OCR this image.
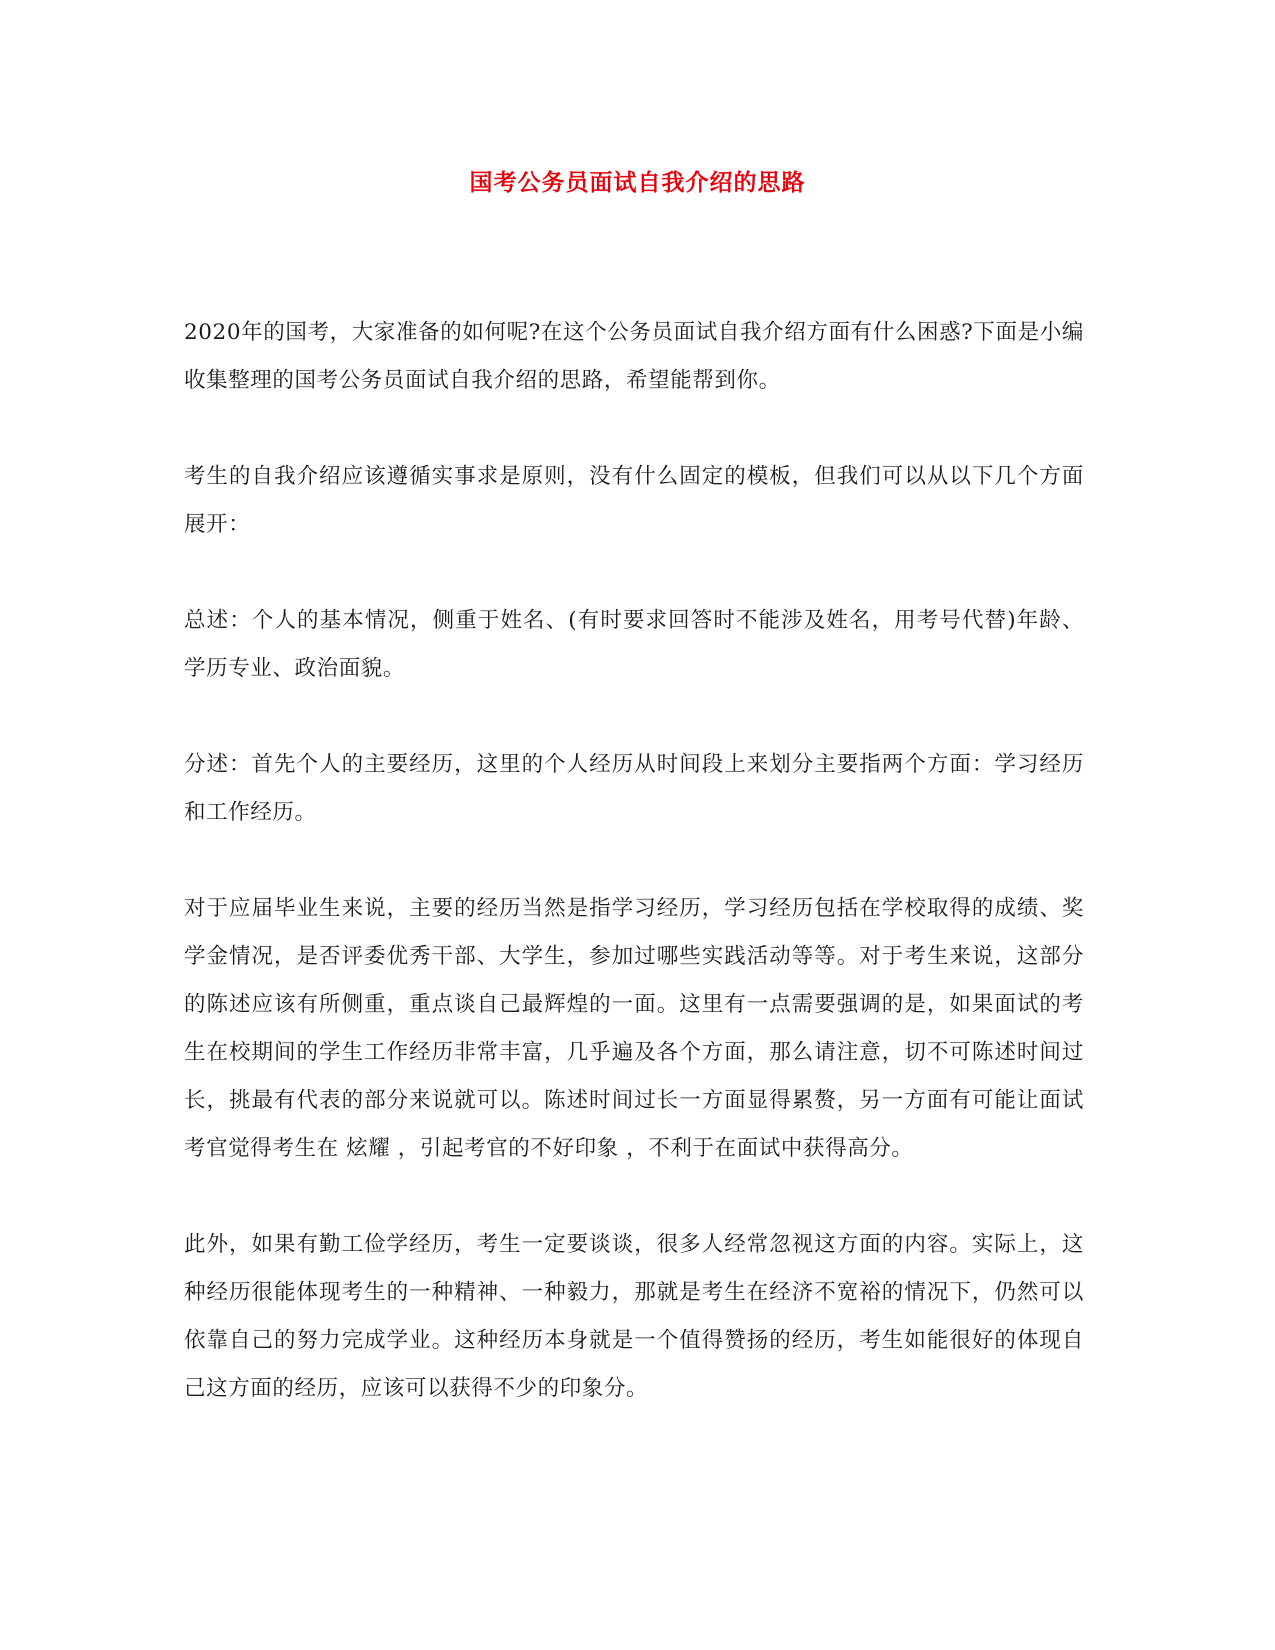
国考公务员面试自我介绍的思路

2020年的国考，大家准备的如何呢?在这个公务员面试自我介绍方面有什么困惑?下面是小编收集整理的国考公务员面试自我介绍的思路，希望能帮到你。

考生的自我介绍应该遵循实事求是原则，没有什么固定的模板，但我们可以从以下几个方面展开：

总述：个人的基本情况，侧重于姓名、(有时要求回答时不能涉及姓名，用考号代替)年龄、学历专业、政治面貌。

分述：首先个人的主要经历，这里的个人经历从时间段上来划分主要指两个方面：学习经历和工作经历。

对于应届毕业生来说，主要的经历当然是指学习经历，学习经历包括在学校取得的成绩、奖学金情况，是否评委优秀干部、大学生，参加过哪些实践活动等等。对于考生来说，这部分的陈述应该有所侧重，重点谈自己最辉煌的一面。这里有一点需要强调的是，如果面试的考生在校期间的学生工作经历非常丰富，几乎遍及各个方面，那么请注意，切不可陈述时间过长，挑最有代表的部分来说就可以。陈述时间过长一方面显得累赘，另一方面有可能让面试考官觉得考生在 炫耀 ，引起考官的不好印象 ，不利于在面试中获得高分。

此外，如果有勤工俭学经历，考生一定要谈谈，很多人经常忽视这方面的内容。实际上，这种经历很能体现考生的一种精神、一种毅力，那就是考生在经济不宽裕的情况下，仍然可以依靠自己的努力完成学业。这种经历本身就是一个值得赞扬的经历，考生如能很好的体现自己这方面的经历，应该可以获得不少的印象分。
